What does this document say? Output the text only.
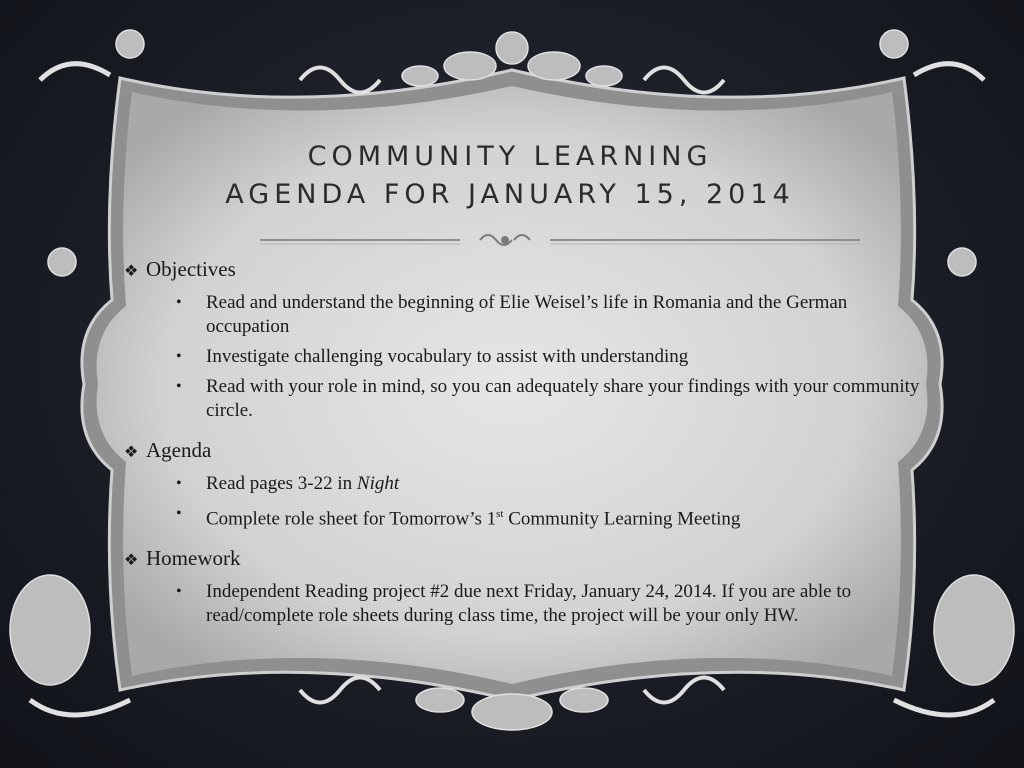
COMMUNITY LEARNING
AGENDA FOR JANUARY 15, 2014
❖ Objectives
•	Read and understand the beginning of Elie Weisel’s life in Romania and the German occupation
•	Investigate challenging vocabulary to assist with understanding
•	Read with your role in mind, so you can adequately share your findings with your community circle.
❖ Agenda
•	Read pages 3-22 in Night
•	Complete role sheet for Tomorrow’s 1st Community Learning Meeting
❖ Homework
•	Independent Reading project #2 due next Friday, January 24, 2014. If you are able to read/complete role sheets during class time, the project will be your only HW.
